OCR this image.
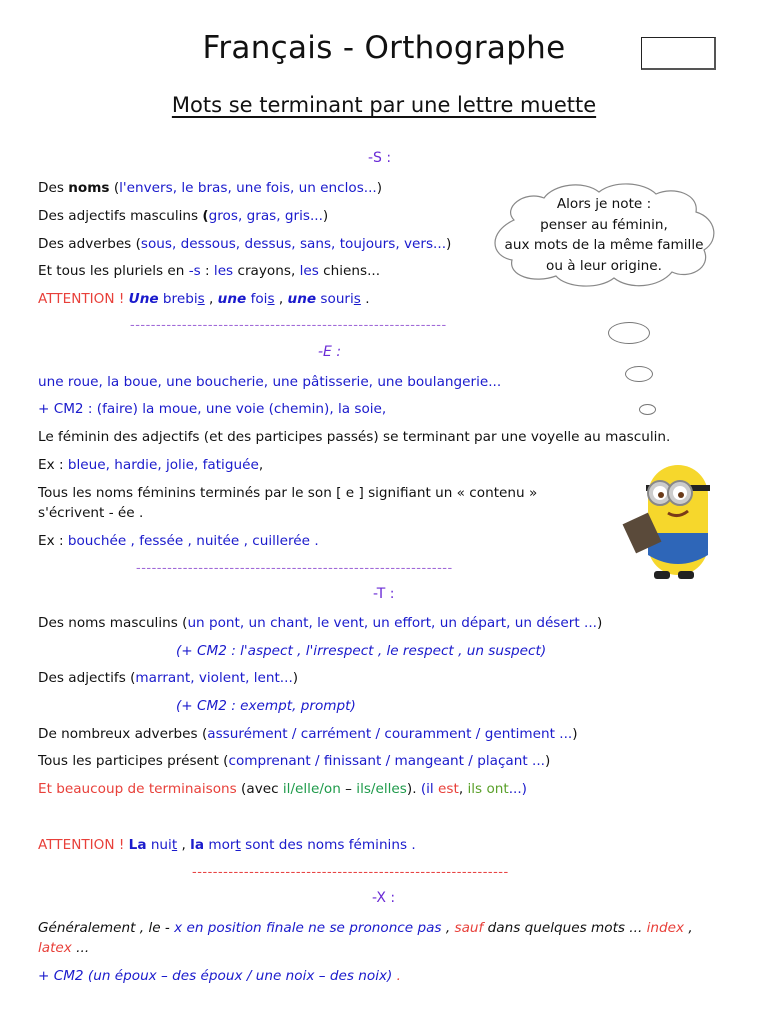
Français - Orthographe
Mots se terminant par une lettre muette
Alors je note :
penser au féminin,
aux mots de la même famille
ou à leur origine.
-S :
Des noms (l'envers, le bras, une fois, un enclos...)
Des adjectifs masculins (gros, gras, gris...)
Des adverbes (sous, dessous, dessus, sans, toujours, vers...)
Et tous les pluriels en -s : les crayons, les chiens...
ATTENTION ! Une brebis , une fois , une souris .
-------------------------------------------------------------
-E :
une roue, la boue, une boucherie, une pâtisserie, une boulangerie...
+ CM2 : (faire) la moue, une voie (chemin), la soie,
Le féminin des adjectifs (et des participes passés) se terminant par une voyelle au masculin.
Ex : bleue, hardie, jolie, fatiguée,
Tous les noms féminins terminés par le son [ e ] signifiant un « contenu »
s'écrivent - ée .
Ex : bouchée , fessée , nuitée , cuillerée .
-------------------------------------------------------------
-T :
Des noms masculins (un pont, un chant, le vent, un effort, un départ, un désert ...)
(+ CM2 : l'aspect , l'irrespect , le respect , un suspect)
Des adjectifs (marrant, violent, lent...)
(+ CM2 : exempt, prompt)
De nombreux adverbes (assurément / carrément / couramment / gentiment ...)
Tous les participes présent (comprenant / finissant / mangeant / plaçant ...)
Et beaucoup de terminaisons (avec il/elle/on – ils/elles). (il est, ils ont...)
ATTENTION ! La nuit , la mort sont des noms féminins .
-------------------------------------------------------------
-X :
Généralement , le - x en position finale ne se prononce pas , sauf dans quelques mots ... index ,
latex ...
+ CM2 (un époux – des époux / une noix – des noix) .
